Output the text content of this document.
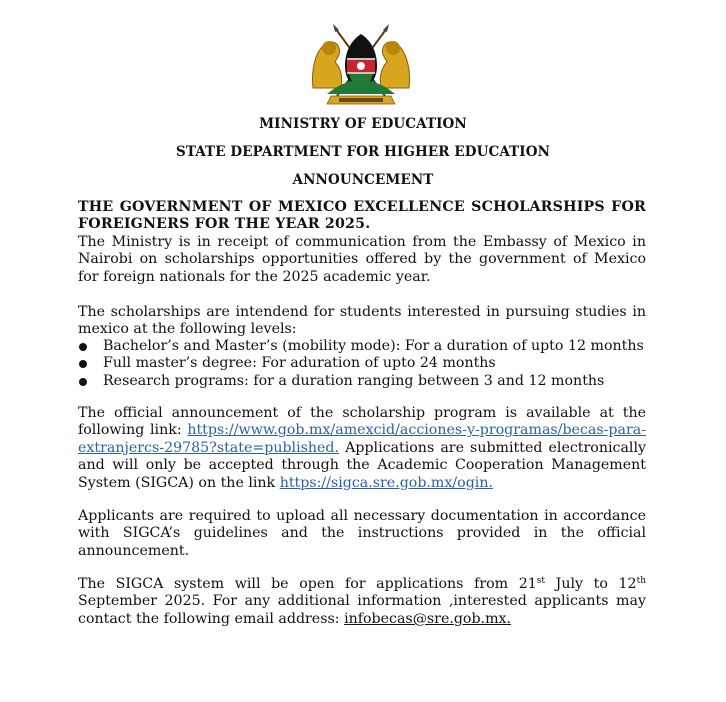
MINISTRY OF EDUCATION
STATE DEPARTMENT FOR HIGHER EDUCATION
ANNOUNCEMENT
THE GOVERNMENT OF MEXICO EXCELLENCE SCHOLARSHIPS FOR FOREIGNERS FOR THE YEAR 2025.
The Ministry is in receipt of communication from the Embassy of Mexico in Nairobi on scholarships opportunities offered by the government of Mexico for foreign nationals for the 2025 academic year.
The scholarships are intendend for students interested in pursuing studies in mexico at the following levels:
Bachelor’s and Master’s (mobility mode): For a duration of upto 12 months
Full master’s degree: For aduration of upto 24 months
Research programs: for a duration ranging between 3 and 12 months
The official announcement of the scholarship program is available at the following link: https://www.gob.mx/amexcid/acciones-y-programas/becas-para-extranjercs-29785?state=published. Applications are submitted electronically and will only be accepted through the Academic Cooperation Management System (SIGCA) on the link https://sigca.sre.gob.mx/ogin.
Applicants are required to upload all necessary documentation in accordance with SIGCA’s guidelines and the instructions provided in the official announcement.
The SIGCA system will be open for applications from 21st July to 12th September 2025. For any additional information ,interested applicants may contact the following email address: infobecas@sre.gob.mx.
